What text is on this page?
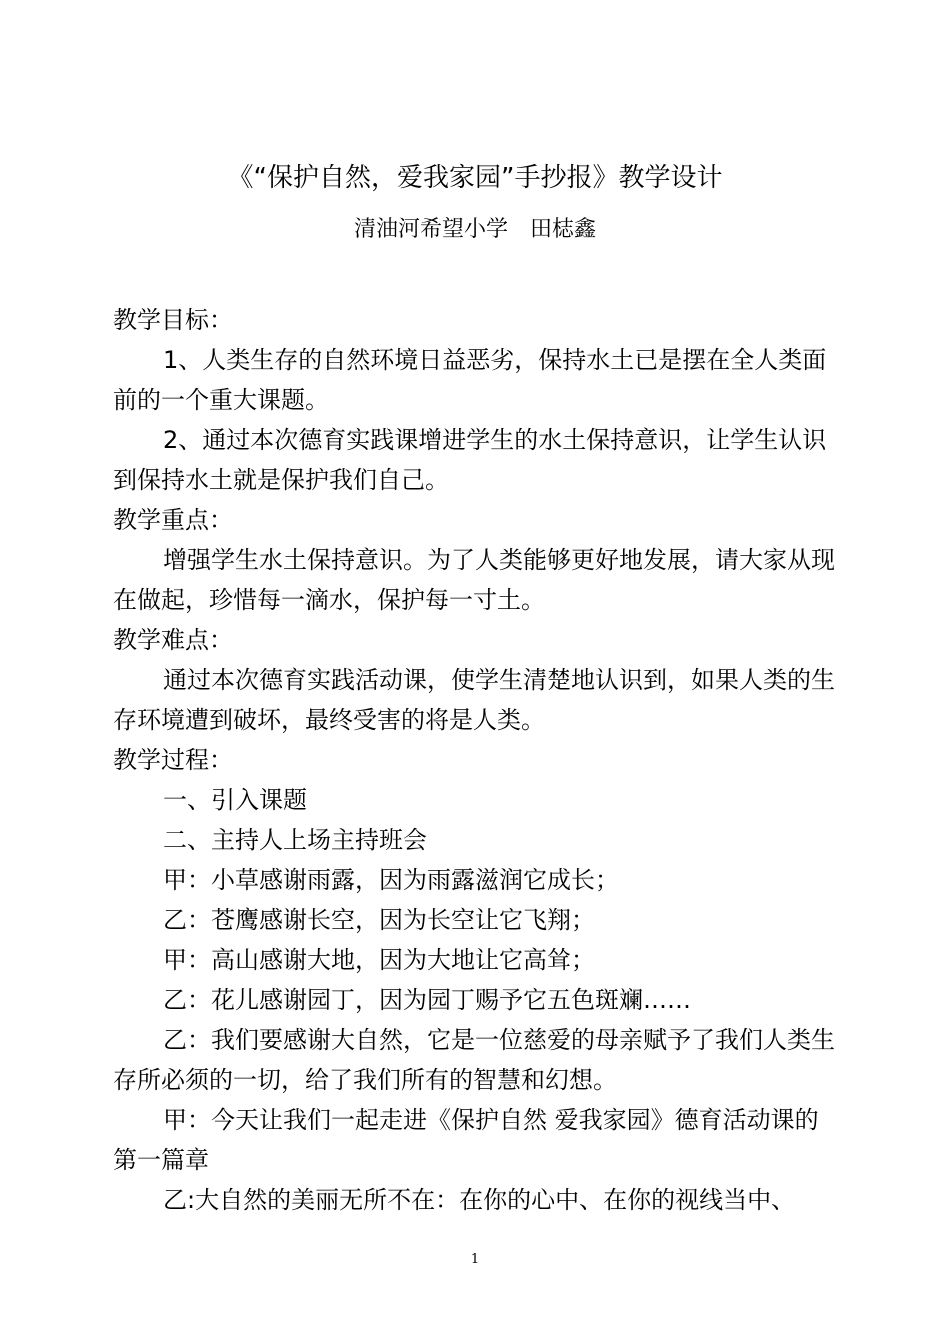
《“保护自然，爱我家园”手抄报》教学设计
清油河希望小学　田梽鑫

教学目标：

1、人类生存的自然环境日益恶劣，保持水土已是摆在全人类面前的一个重大课题。

2、通过本次德育实践课增进学生的水土保持意识，让学生认识到保持水土就是保护我们自己。

教学重点：

增强学生水土保持意识。为了人类能够更好地发展，请大家从现在做起，珍惜每一滴水，保护每一寸土。

教学难点：

通过本次德育实践活动课，使学生清楚地认识到，如果人类的生存环境遭到破坏，最终受害的将是人类。

教学过程：

一、引入课题

二、主持人上场主持班会

甲：小草感谢雨露，因为雨露滋润它成长；

乙：苍鹰感谢长空，因为长空让它飞翔；

甲：高山感谢大地，因为大地让它高耸；

乙：花儿感谢园丁，因为园丁赐予它五色斑斓……

乙：我们要感谢大自然，它是一位慈爱的母亲赋予了我们人类生存所必须的一切，给了我们所有的智慧和幻想。

甲：今天让我们一起走进《保护自然 爱我家园》德育活动课的第一篇章

乙:大自然的美丽无所不在：在你的心中、在你的视线当中、

1
